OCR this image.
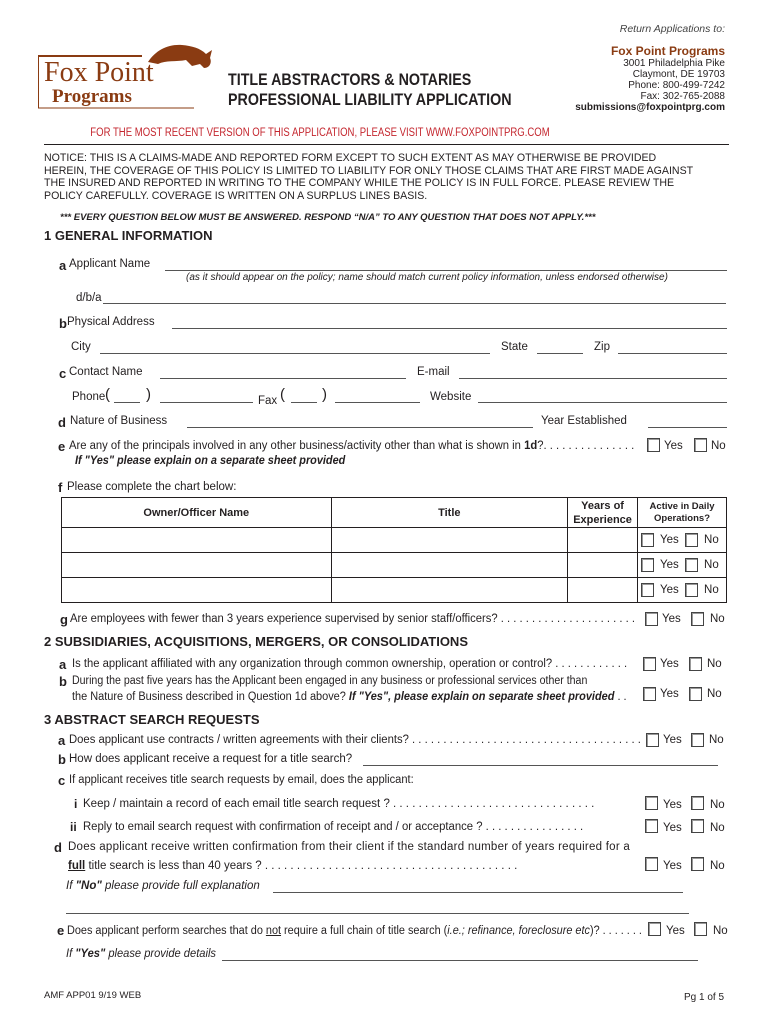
Fox Point
Programs
TITLE ABSTRACTORS & NOTARIES
PROFESSIONAL LIABILITY APPLICATION
Return Applications to:
Fox Point Programs
3001 Philadelphia Pike
Claymont, DE 19703
Phone: 800-499-7242
Fax: 302-765-2088
submissions@foxpointprg.com
FOR THE MOST RECENT VERSION OF THIS APPLICATION, PLEASE VISIT WWW.FOXPOINTPRG.COM
NOTICE: THIS IS A CLAIMS-MADE AND REPORTED FORM EXCEPT TO SUCH EXTENT AS MAY OTHERWISE BE PROVIDED
HEREIN, THE COVERAGE OF THIS POLICY IS LIMITED TO LIABILITY FOR ONLY THOSE CLAIMS THAT ARE FIRST MADE AGAINST
THE INSURED AND REPORTED IN WRITING TO THE COMPANY WHILE THE POLICY IS IN FULL FORCE. PLEASE REVIEW THE
POLICY CAREFULLY. COVERAGE IS WRITTEN ON A SURPLUS LINES BASIS.
*** EVERY QUESTION BELOW MUST BE ANSWERED. RESPOND “N/A” TO ANY QUESTION THAT DOES NOT APPLY.***
1 GENERAL INFORMATION
a Applicant Name
(as it should appear on the policy; name should match current policy information, unless endorsed otherwise)
d/b/a
b Physical Address
City	State	Zip
c Contact Name	E-mail
Phone ( )	Fax ( )	Website
d Nature of Business	Year Established
e Are any of the principals involved in any other business/activity other than what is shown in 1d?. . . . . . . . . . . . . . .	Yes No
If "Yes" please explain on a separate sheet provided
f Please complete the chart below:
Owner/Officer Name	Title	Years of Experience	Active in Daily Operations?

			Yes No

			Yes No

			Yes No
g Are employees with fewer than 3 years experience supervised by senior staff/officers? . . . . . . . . . . . . . . . . . . . . . . Yes	No
2 SUBSIDIARIES, ACQUISITIONS, MERGERS, OR CONSOLIDATIONS
a Is the applicant affiliated with any organization through common ownership, operation or control? . . . . . . . . . . . .	Yes No
b During the past five years has the Applicant been engaged in any business or professional services other than
the Nature of Business described in Question 1d above? If "Yes", please explain on separate sheet provided . .	Yes No
3 ABSTRACT SEARCH REQUESTS
a Does applicant use contracts / written agreements with their clients? . . . . . . . . . . . . . . . . . . . . . . . . . . . . . . . . . . . . . Yes No
b How does applicant receive a request for a title search?
c If applicant receives title search requests by email, does the applicant:
i Keep / maintain a record of each email title search request ? . . . . . . . . . . . . . . . . . . . . . . . . . . . . . . . .	Yes No
ii Reply to email search request with confirmation of receipt and / or acceptance ? . . . . . . . . . . . . . . . .	Yes No
d Does applicant receive written confirmation from their client if the standard number of years required for a
full title search is less than 40 years ? . . . . . . . . . . . . . . . . . . . . . . . . . . . . . . . . . . . . . . . .	Yes No
If "No" please provide full explanation
e Does applicant perform searches that do not require a full chain of title search (i.e.; refinance, foreclosure etc)? . . . . . . . Yes No
If "Yes" please provide details
AMF APP01 9/19 WEB	Pg 1 of 5
